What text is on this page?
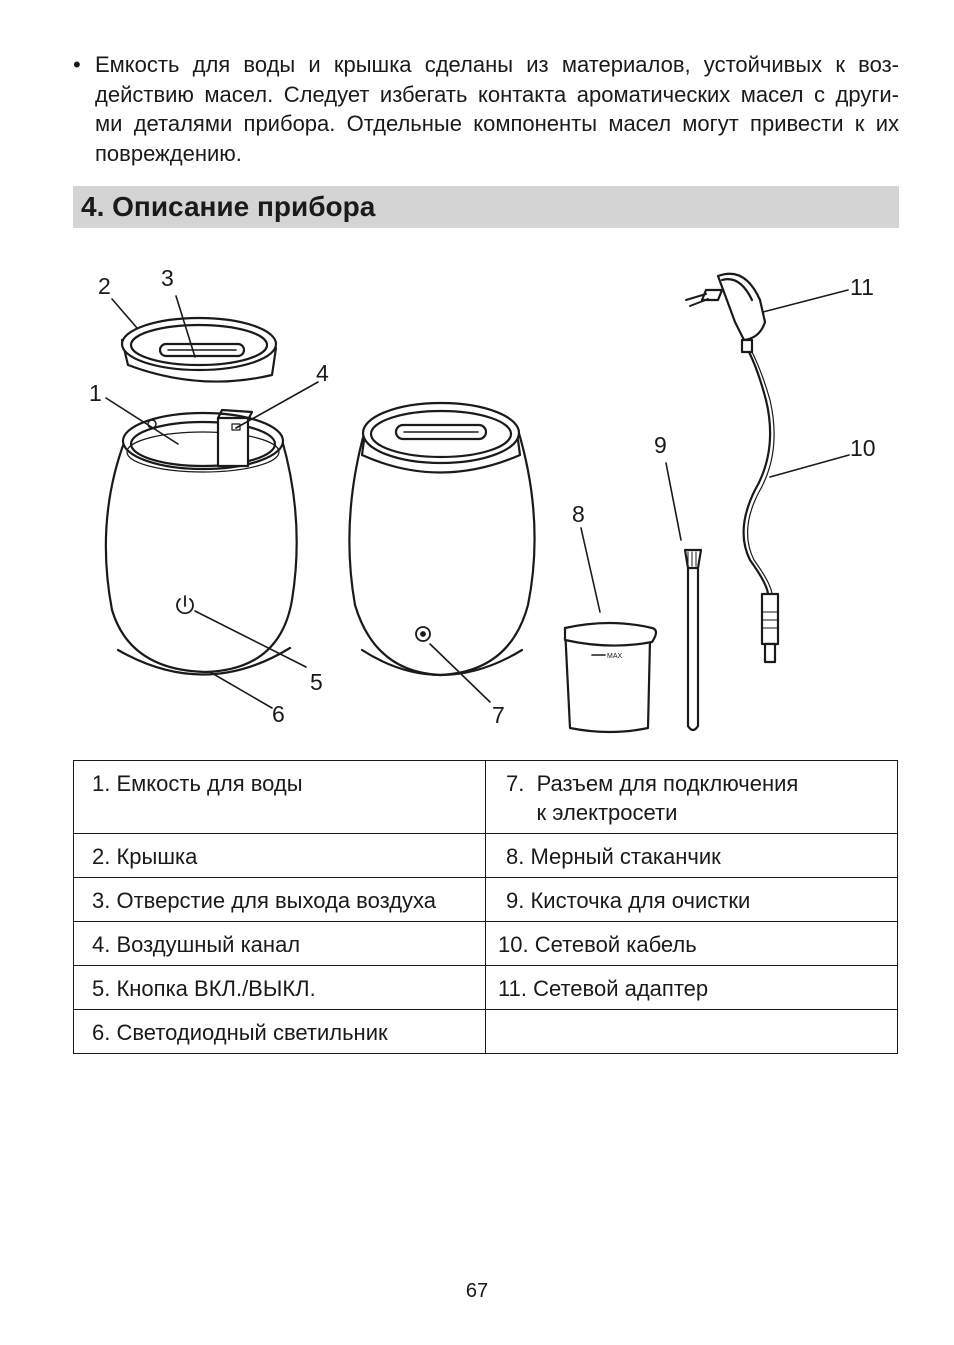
• Емкость для воды и крышка сделаны из материалов, устойчивых к воз-
действию масел. Следует избегать контакта ароматических масел с други-
ми деталями прибора. Отдельные компоненты масел могут привести к их
повреждению.
4. Описание прибора
MAX
2 3
1
4
5
6	7
8
9	10
11
1. Емкость для воды	7.  Разъем для подключения
к электросети

2. Крышка	8. Мерный стаканчик
3. Отверстие для выхода воздуха	9. Кисточка для очистки
4. Воздушный канал	10. Сетевой кабель
5. Кнопка ВКЛ./ВЫКЛ.	11. Сетевой адаптер
6. Светодиодный светильник	
67
